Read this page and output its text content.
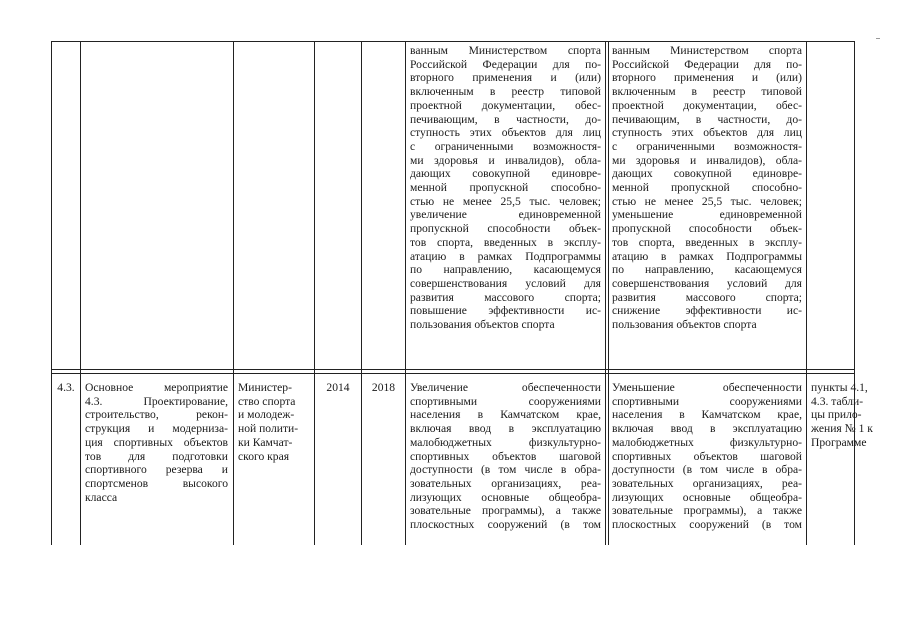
ванным Министерством спорта
Российской Федерации для по-
вторного применения и (или)
включенным в реестр типовой
проектной документации, обес-
печивающим, в частности, до-
ступность этих объектов для лиц
с ограниченными возможностя-
ми здоровья и инвалидов), обла-
дающих совокупной единовре-
менной пропускной способно-
стью не менее 25,5 тыс. человек;
увеличение единовременной
пропускной способности объек-
тов спорта, введенных в эксплу-
атацию в рамках Подпрограммы
по направлению, касающемуся
совершенствования условий для
развития массового спорта;
повышение эффективности ис-
пользования объектов спорта
ванным Министерством спорта
Российской Федерации для по-
вторного применения и (или)
включенным в реестр типовой
проектной документации, обес-
печивающим, в частности, до-
ступность этих объектов для лиц
с ограниченными возможностя-
ми здоровья и инвалидов), обла-
дающих совокупной единовре-
менной пропускной способно-
стью не менее 25,5 тыс. человек;
уменьшение единовременной
пропускной способности объек-
тов спорта, введенных в эксплу-
атацию в рамках Подпрограммы
по направлению, касающемуся
совершенствования условий для
развития массового спорта;
снижение эффективности ис-
пользования объектов спорта
4.3. Основное мероприятие
4.3. Проектирование,
строительство, рекон-
струкция и модерниза-
ция спортивных объектов
тов для подготовки
спортивного резерва и
спортсменов высокого
класса
Министер-
ство спорта
и молодеж-
ной полити-
ки Камчат-
ского края
2014	2018	Увеличение обеспеченности
спортивными сооружениями
населения в Камчатском крае,
включая ввод в эксплуатацию
малобюджетных физкультурно-
спортивных объектов шаговой
доступности (в том числе в обра-
зовательных организациях, реа-
лизующих основные общеобра-
зовательные программы), а также
плоскостных сооружений (в том
Уменьшение обеспеченности
спортивными сооружениями
населения в Камчатском крае,
включая ввод в эксплуатацию
малобюджетных физкультурно-
спортивных объектов шаговой
доступности (в том числе в обра-
зовательных организациях, реа-
лизующих основные общеобра-
зовательные программы), а также
плоскостных сооружений (в том
пункты 4.1,
4.3. табли-
цы прило-
жения № 1 к
Программе
